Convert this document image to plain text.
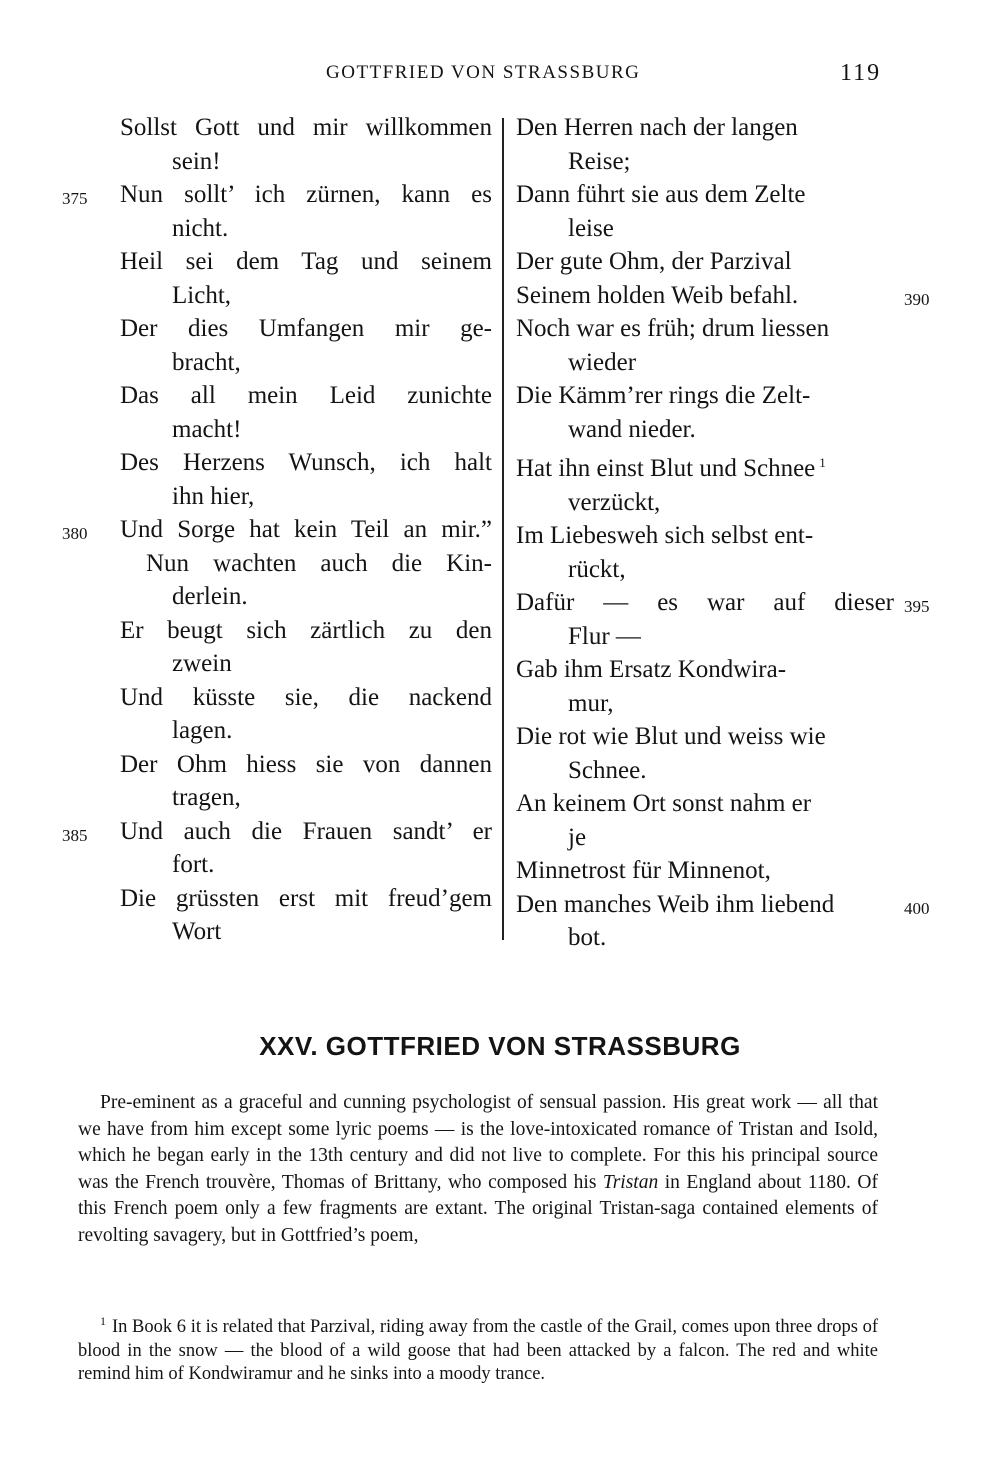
GOTTFRIED VON STRASSBURG	119
Sollst Gott und mir willkommen
sein!
Nun sollt’ ich zürnen, kann es
nicht.
375
Heil sei dem Tag und seinem
Licht,
Der dies Umfangen mir ge-
bracht,
Das all mein Leid zunichte
macht!
Des Herzens Wunsch, ich halt
ihn hier,
Und Sorge hat kein Teil an mir.”
380
Nun wachten auch die Kin-
derlein.
Er beugt sich zärtlich zu den
zwein
Und küsste sie, die nackend
lagen.
Der Ohm hiess sie von dannen
tragen,
Und auch die Frauen sandt’ er
fort.
385
Die grüssten erst mit freud’gem
Wort
Den Herren nach der langen
Reise;
Dann führt sie aus dem Zelte
leise
Der gute Ohm, der Parzival
Seinem holden Weib befahl.	390
Noch war es früh; drum liessen
wieder
Die Kämm’rer rings die Zelt-
wand nieder.
Hat ihn einst Blut und Schnee $^1$
verzückt,
Im Liebesweh sich selbst ent-
rückt,
Dafür — es war auf dieser
Flur —
395
Gab ihm Ersatz Kondwira-
mur,
Die rot wie Blut und weiss wie
Schnee.
An keinem Ort sonst nahm er
je
Minnetrost für Minnenot,
Den manches Weib ihm liebend
bot.
400
XXV. GOTTFRIED VON STRASSBURG

Pre-eminent as a graceful and cunning psychologist of sensual passion. His great work — all that we have from him except some lyric poems — is the love-intoxicated romance of Tristan and Isold, which he began early in the 13th century and did not live to complete. For this his principal source was the French trouvère, Thomas of Brittany, who composed his Tristan in England about 1180. Of this French poem only a few fragments are extant. The original Tristan-saga contained elements of revolting savagery, but in Gottfried’s poem,

$^1$ In Book 6 it is related that Parzival, riding away from the castle of the Grail, comes upon three drops of blood in the snow — the blood of a wild goose that had been attacked by a falcon. The red and white remind him of Kondwiramur and he sinks into a moody trance.
